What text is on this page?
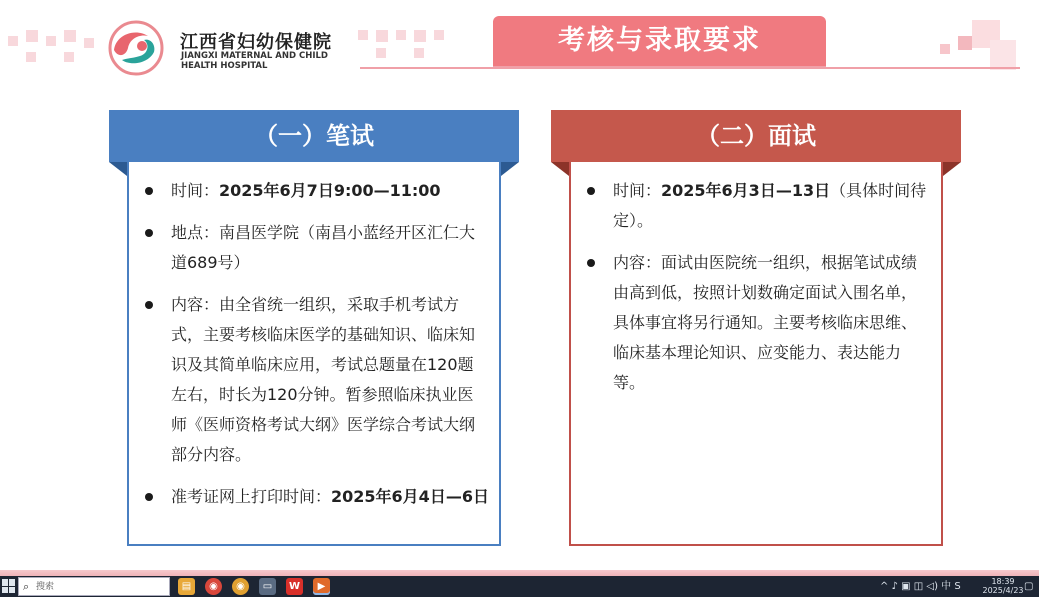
江西省妇幼保健院
JIANGXI MATERNAL AND CHILD
HEALTH HOSPITAL
考核与录取要求
（一）笔试
时间：2025年6月7日9:00—11:00
地点：南昌医学院（南昌小蓝经开区汇仁大道689号）
内容：由全省统一组织，采取手机考试方式，主要考核临床医学的基础知识、临床知识及其简单临床应用，考试总题量在120题左右，时长为120分钟。暂参照临床执业医师《医师资格考试大纲》医学综合考试大纲部分内容。
准考证网上打印时间：2025年6月4日—6日
（二）面试
时间：2025年6月3日—13日（具体时间待定）。
内容：面试由医院统一组织，根据笔试成绩由高到低，按照计划数确定面试入围名单，具体事宜将另行通知。主要考核临床思维、临床基本理论知识、应变能力、表达能力等。
⌕ 搜索	▤	◉	◉	▭	W	▶	^ ♪ ▣ ◫ ◁) 中 S	18:39
2025/4/23 ▢
